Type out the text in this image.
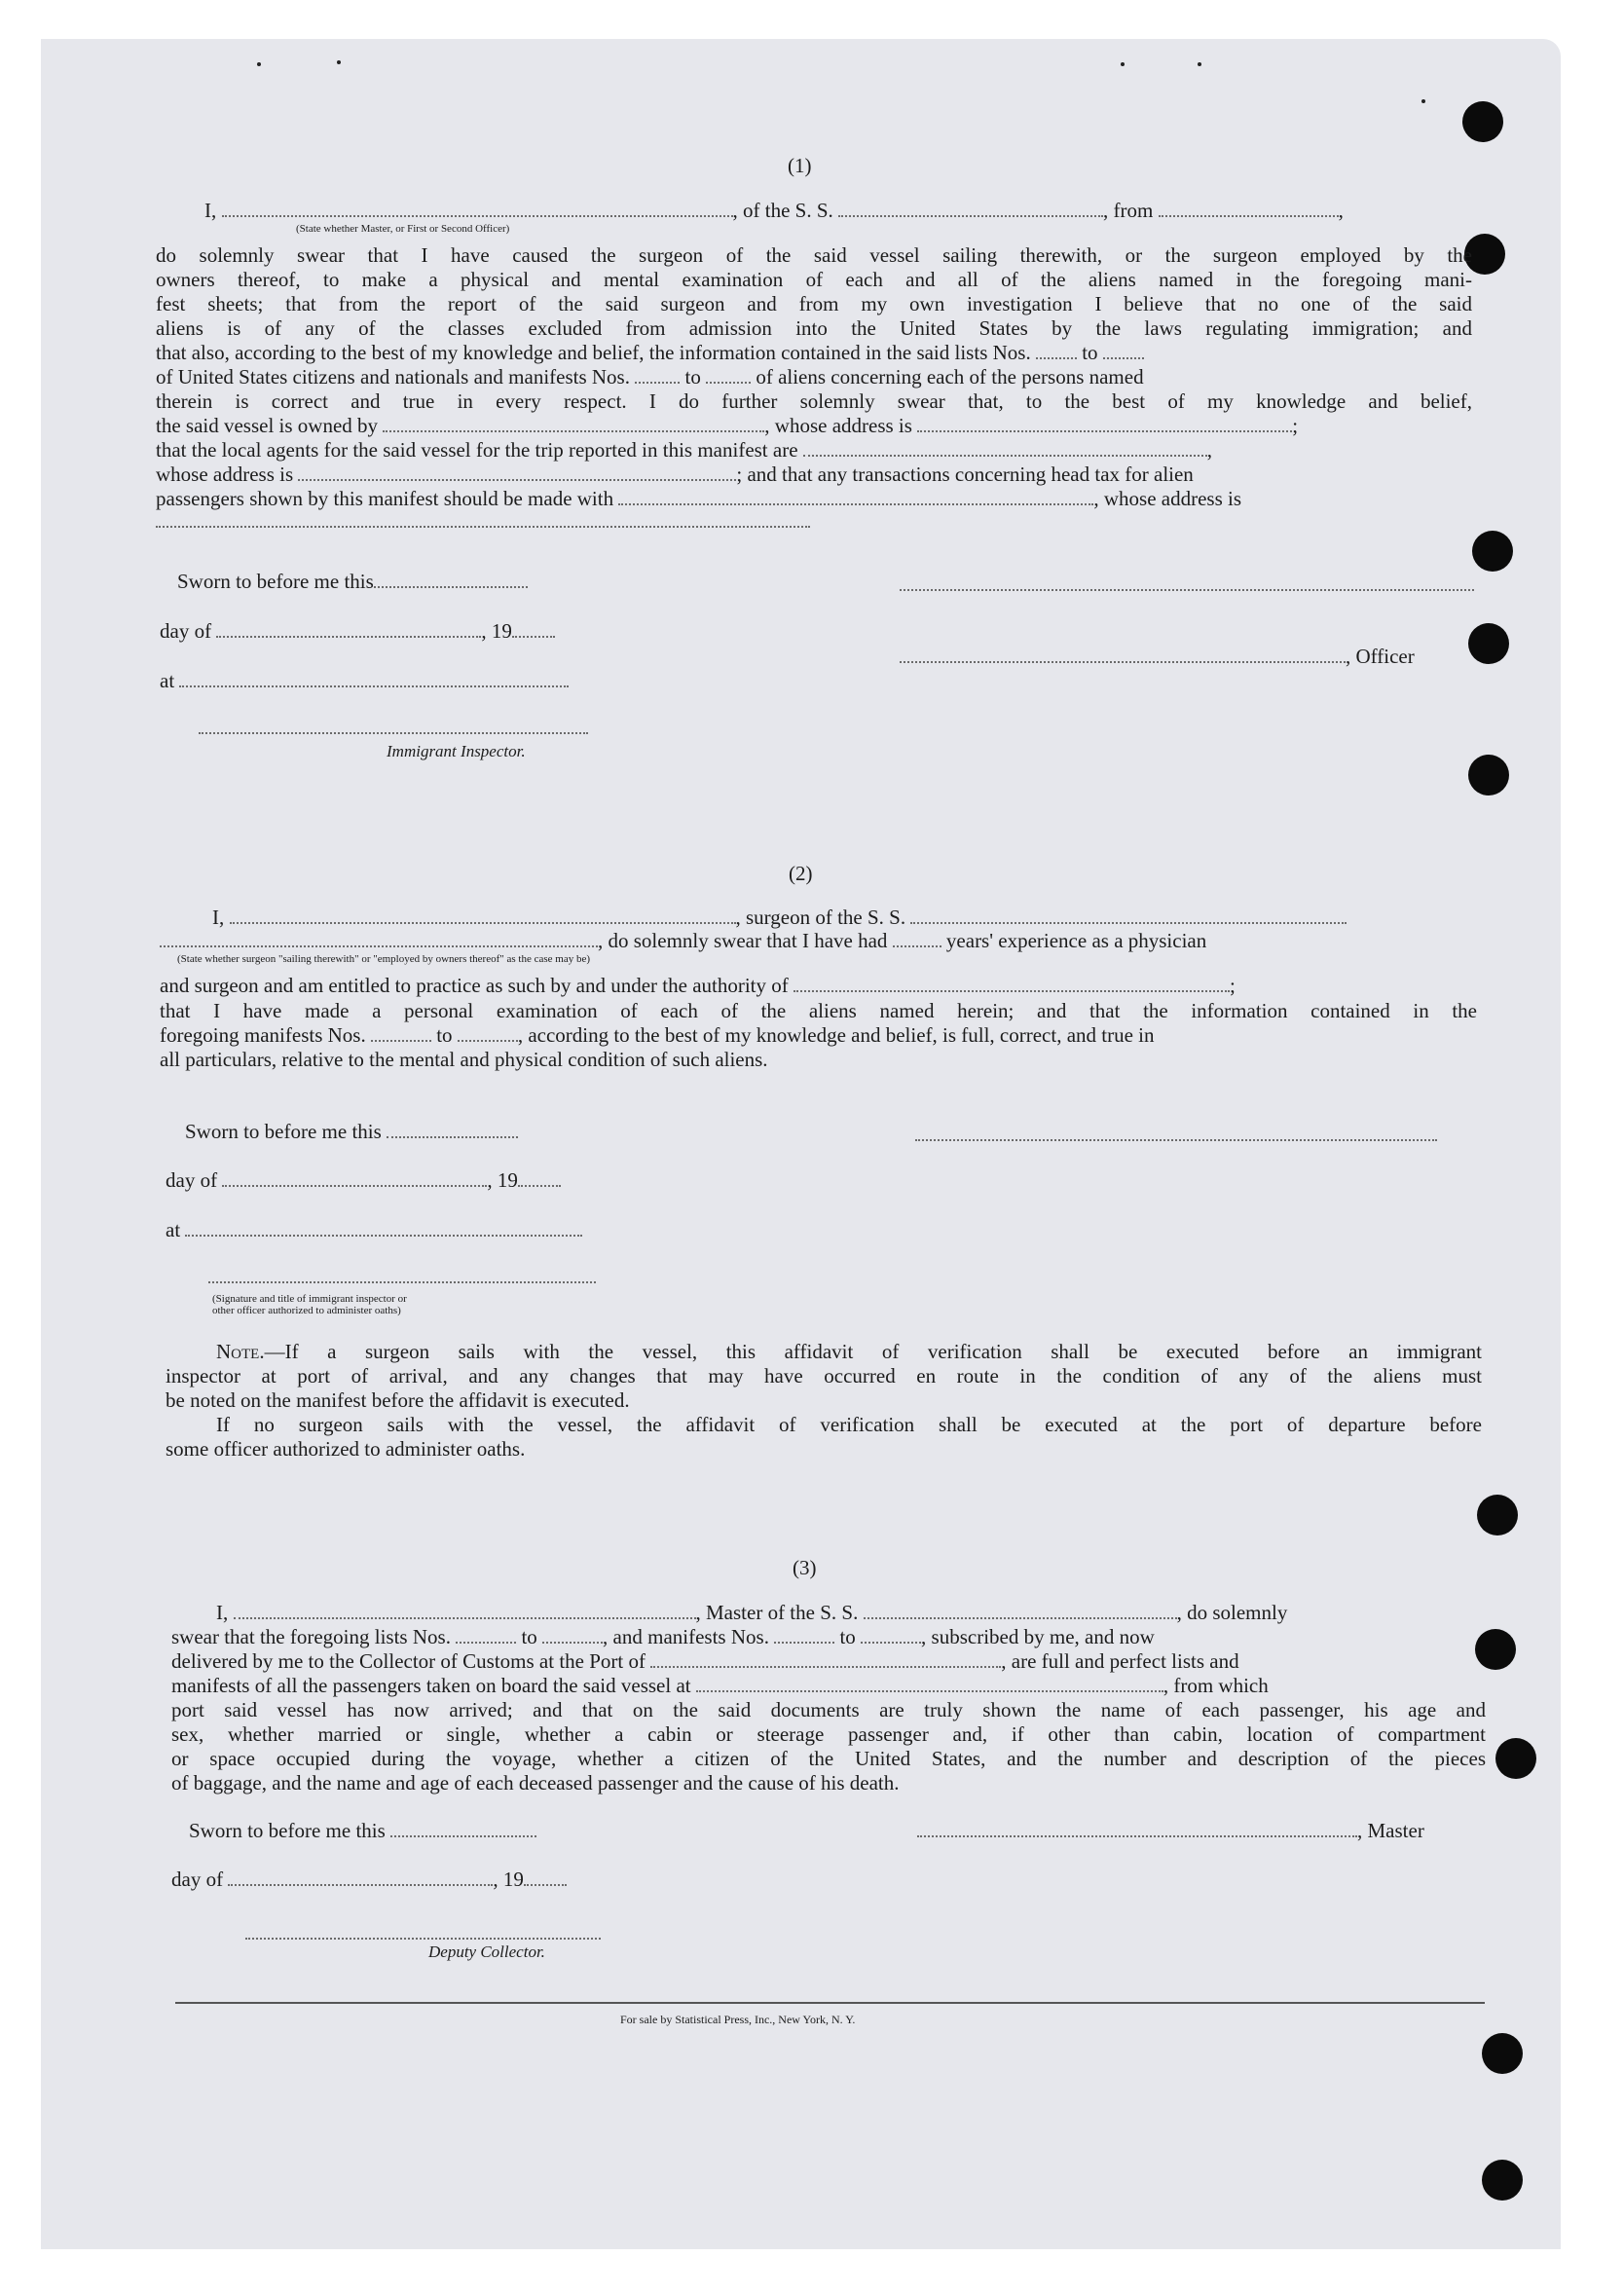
(1)
I,	, of the S. S.	, from	,
(State whether Master, or First or Second Officer)
do solemnly swear that I have caused the surgeon of the said vessel sailing therewith, or the surgeon employed by the
owners thereof, to make a physical and mental examination of each and all of the aliens named in the foregoing mani-
fest sheets; that from the report of the said surgeon and from my own investigation I believe that no one of the said
aliens is of any of the classes excluded from admission into the United States by the laws regulating immigration; and
that also, according to the best of my knowledge and belief, the information contained in the said lists Nos.	to
of United States citizens and nationals and manifests Nos.	to	of aliens concerning each of the persons named
therein is correct and true in every respect. I do further solemnly swear that, to the best of my knowledge and belief,
the said vessel is owned by	, whose address is	;
that the local agents for the said vessel for the trip reported in this manifest are	,
whose address is	; and that any transactions concerning head tax for alien
passengers shown by this manifest should be made with	, whose address is
Sworn to before me this
day of	, 19
, Officer
at
Immigrant Inspector.
(2)
I,	, surgeon of the S. S.
, do solemnly swear that I have had	years' experience as a physician
(State whether surgeon "sailing therewith" or "employed by owners thereof" as the case may be)
and surgeon and am entitled to practice as such by and under the authority of	;
that I have made a personal examination of each of the aliens named herein; and that the information contained in the
foregoing manifests Nos.	to	, according to the best of my knowledge and belief, is full, correct, and true in
all particulars, relative to the mental and physical condition of such aliens.
Sworn to before me this
day of	, 19
at
(Signature and title of immigrant inspector or
other officer authorized to administer oaths)
Note.—If a surgeon sails with the vessel, this affidavit of verification shall be executed before an immigrant
inspector at port of arrival, and any changes that may have occurred en route in the condition of any of the aliens must
be noted on the manifest before the affidavit is executed.
If no surgeon sails with the vessel, the affidavit of verification shall be executed at the port of departure before
some officer authorized to administer oaths.
(3)
I,	, Master of the S. S.	, do solemnly
swear that the foregoing lists Nos.	to	, and manifests Nos.	to	, subscribed by me, and now
delivered by me to the Collector of Customs at the Port of	, are full and perfect lists and
manifests of all the passengers taken on board the said vessel at	, from which
port said vessel has now arrived; and that on the said documents are truly shown the name of each passenger, his age and
sex, whether married or single, whether a cabin or steerage passenger and, if other than cabin, location of compartment
or space occupied during the voyage, whether a citizen of the United States, and the number and description of the pieces
of baggage, and the name and age of each deceased passenger and the cause of his death.
Sworn to before me this	, Master
day of	, 19
Deputy Collector.
For sale by Statistical Press, Inc., New York, N. Y.
